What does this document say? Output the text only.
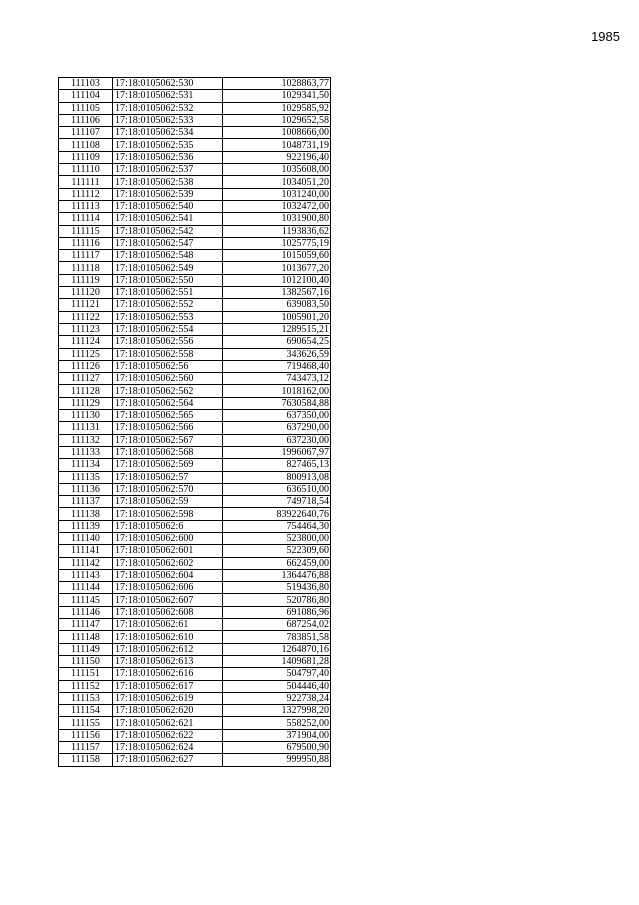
1985
111103	17:18:0105062:530	1028863,77
111104	17:18:0105062:531	1029341,50
111105	17:18:0105062:532	1029585,92
111106	17:18:0105062:533	1029652,58
111107	17:18:0105062:534	1008666,00
111108	17:18:0105062:535	1048731,19
111109	17:18:0105062:536	922196,40
111110	17:18:0105062:537	1035608,00
111111	17:18:0105062:538	1034051,20
111112	17:18:0105062:539	1031240,00
111113	17:18:0105062:540	1032472,00
111114	17:18:0105062:541	1031900,80
111115	17:18:0105062:542	1193836,62
111116	17:18:0105062:547	1025775,19
111117	17:18:0105062:548	1015059,60
111118	17:18:0105062:549	1013677,20
111119	17:18:0105062:550	1012100,40
111120	17:18:0105062:551	1382567,16
111121	17:18:0105062:552	639083,50
111122	17:18:0105062:553	1005901,20
111123	17:18:0105062:554	1289515,21
111124	17:18:0105062:556	690654,25
111125	17:18:0105062:558	343626,59
111126	17:18:0105062:56	719468,40
111127	17:18:0105062:560	743473,12
111128	17:18:0105062:562	1018162,00
111129	17:18:0105062:564	7630584,88
111130	17:18:0105062:565	637350,00
111131	17:18:0105062:566	637290,00
111132	17:18:0105062:567	637230,00
111133	17:18:0105062:568	1996067,97
111134	17:18:0105062:569	827465,13
111135	17:18:0105062:57	800913,08
111136	17:18:0105062:570	636510,00
111137	17:18:0105062:59	749718,54
111138	17:18:0105062:598	83922640,76
111139	17:18:0105062:6	754464,30
111140	17:18:0105062:600	523800,00
111141	17:18:0105062:601	522309,60
111142	17:18:0105062:602	662459,00
111143	17:18:0105062:604	1364476,88
111144	17:18:0105062:606	519436,80
111145	17:18:0105062:607	520786,80
111146	17:18:0105062:608	691086,96
111147	17:18:0105062:61	687254,02
111148	17:18:0105062:610	783851,58
111149	17:18:0105062:612	1264870,16
111150	17:18:0105062:613	1409681,28
111151	17:18:0105062:616	504797,40
111152	17:18:0105062:617	504446,40
111153	17:18:0105062:619	922738,24
111154	17:18:0105062:620	1327998,20
111155	17:18:0105062:621	558252,00
111156	17:18:0105062:622	371904,00
111157	17:18:0105062:624	679500,90
111158	17:18:0105062:627	999950,88
